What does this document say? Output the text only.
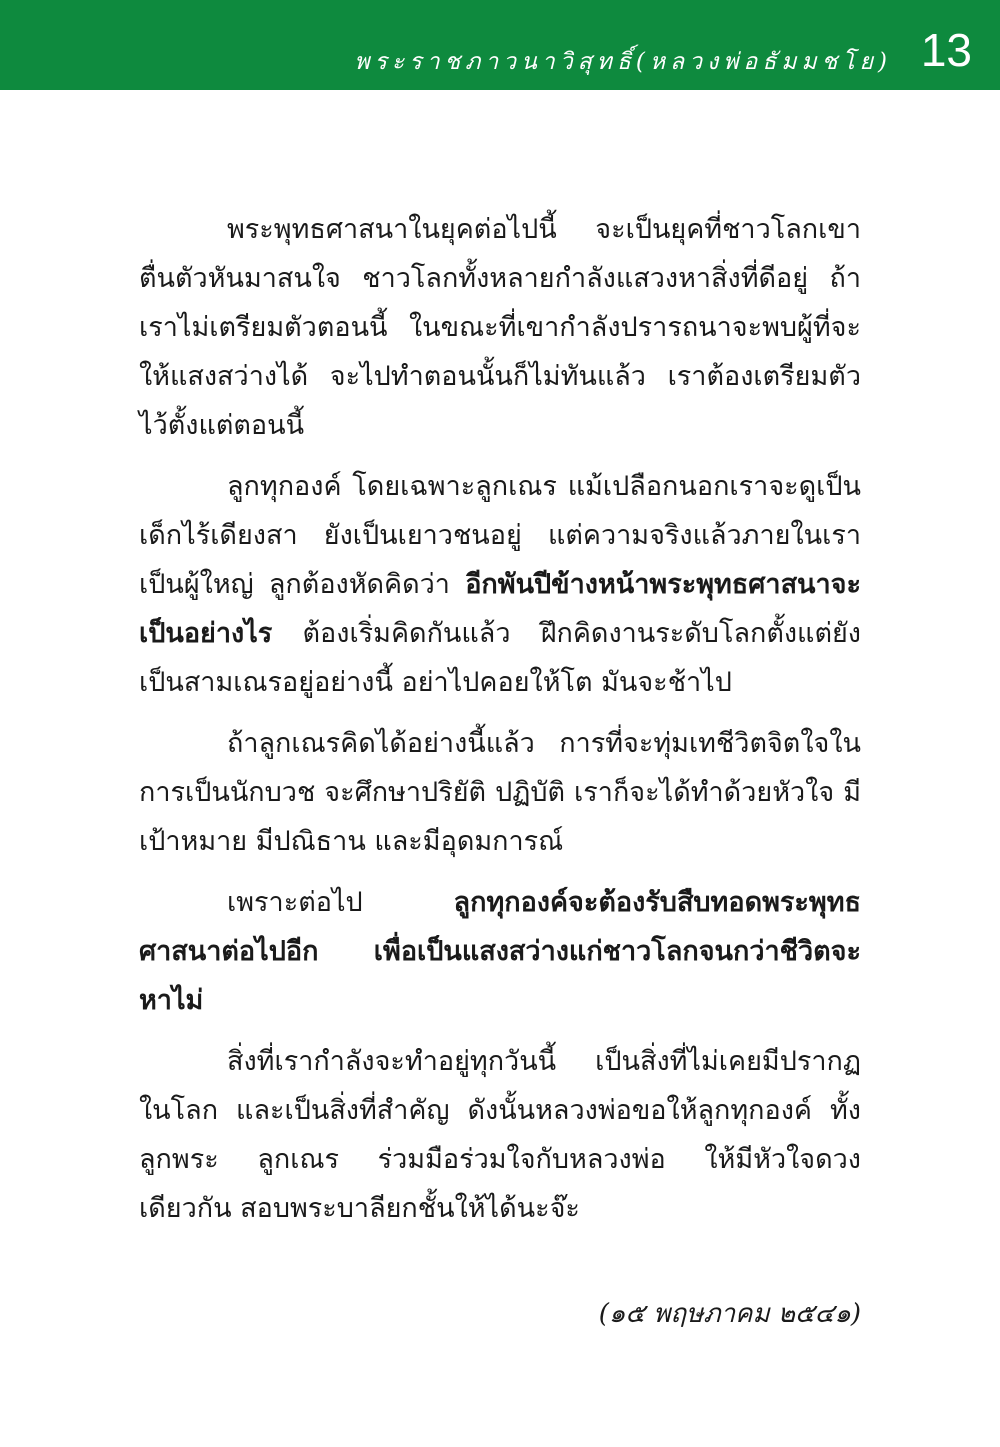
พระราชภาวนาวิสุทธิ์(หลวงพ่อธัมมชโย) 13

พระพุทธศาสนาในยุคต่อไปนี้ จะเป็นยุคที่ชาวโลกเขาตื่นตัวหันมาสนใจ ชาวโลกทั้งหลายกำลังแสวงหาสิ่งที่ดีอยู่ ถ้าเราไม่เตรียมตัวตอนนี้ ในขณะที่เขากำลังปรารถนาจะพบผู้ที่จะให้แสงสว่างได้ จะไปทำตอนนั้นก็ไม่ทันแล้ว เราต้องเตรียมตัวไว้ตั้งแต่ตอนนี้

ลูกทุกองค์ โดยเฉพาะลูกเณร แม้เปลือกนอกเราจะดูเป็นเด็กไร้เดียงสา ยังเป็นเยาวชนอยู่ แต่ความจริงแล้วภายในเราเป็นผู้ใหญ่ ลูกต้องหัดคิดว่า อีกพันปีข้างหน้าพระพุทธศาสนาจะเป็นอย่างไร ต้องเริ่มคิดกันแล้ว ฝึกคิดงานระดับโลกตั้งแต่ยังเป็นสามเณรอยู่อย่างนี้ อย่าไปคอยให้โต มันจะช้าไป

ถ้าลูกเณรคิดได้อย่างนี้แล้ว การที่จะทุ่มเทชีวิตจิตใจในการเป็นนักบวช จะศึกษาปริยัติ ปฏิบัติ เราก็จะได้ทำด้วยหัวใจ มีเป้าหมาย มีปณิธาน และมีอุดมการณ์

เพราะต่อไป ลูกทุกองค์จะต้องรับสืบทอดพระพุทธศาสนาต่อไปอีก เพื่อเป็นแสงสว่างแก่ชาวโลกจนกว่าชีวิตจะหาไม่

สิ่งที่เรากำลังจะทำอยู่ทุกวันนี้ เป็นสิ่งที่ไม่เคยมีปรากฏในโลก และเป็นสิ่งที่สำคัญ ดังนั้นหลวงพ่อขอให้ลูกทุกองค์ ทั้งลูกพระ ลูกเณร ร่วมมือร่วมใจกับหลวงพ่อ ให้มีหัวใจดวงเดียวกัน สอบพระบาลียกชั้นให้ได้นะจ๊ะ

(๑๕ พฤษภาคม ๒๕๔๑)
